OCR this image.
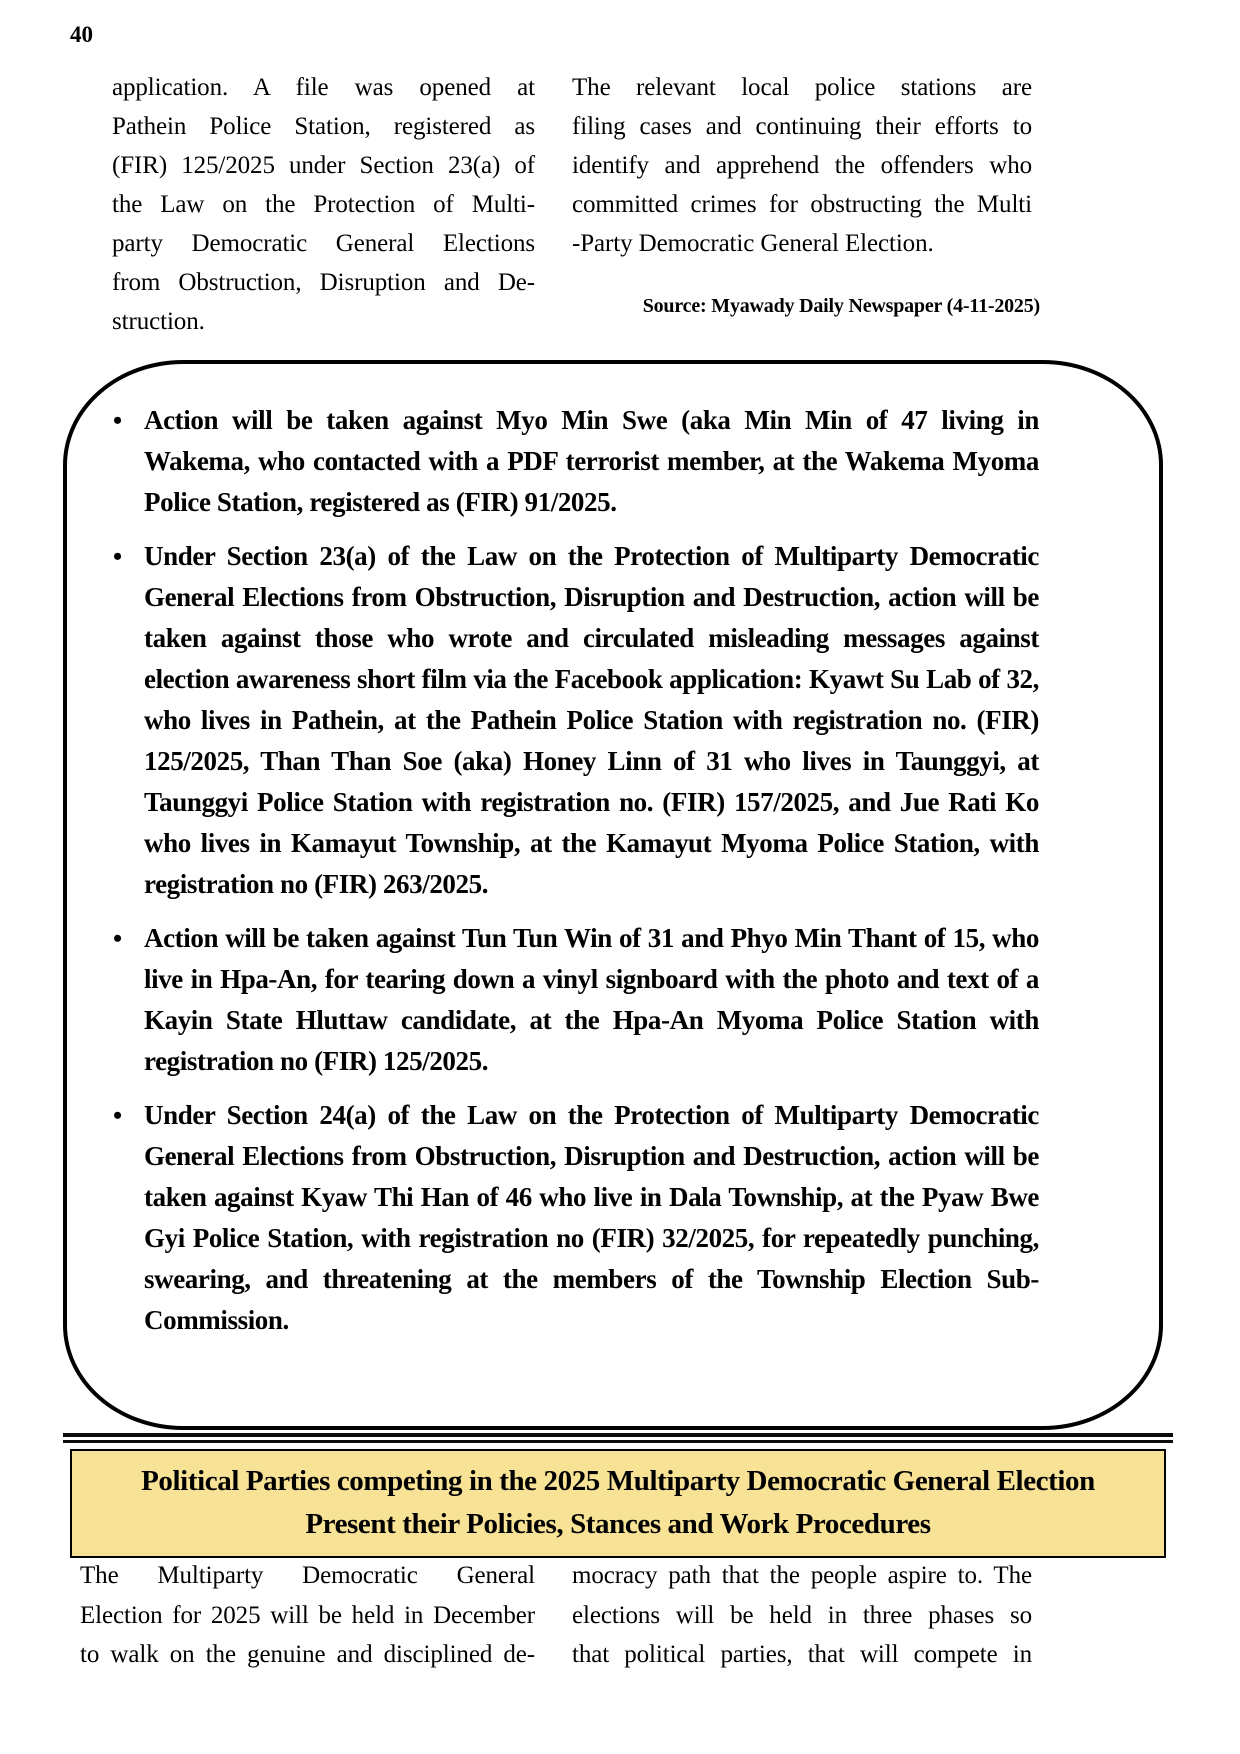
40
application. A file was opened at
Pathein Police Station, registered as
(FIR) 125/2025 under Section 23(a) of
the Law on the Protection of Multi-
party Democratic General Elections
from Obstruction, Disruption and De-
struction.
The relevant local police stations are
filing cases and continuing their efforts to
identify and apprehend the offenders who
committed crimes for obstructing the Multi
-Party Democratic General Election.
Source: Myawady Daily Newspaper (4-11-2025)
• Action will be taken against Myo Min Swe (aka Min Min of 47 living in Wakema, who contacted with a PDF terrorist member, at the Wakema Myoma Police Station, registered as (FIR) 91/2025.
• Under Section 23(a) of the Law on the Protection of Multiparty Democratic General Elections from Obstruction, Disruption and Destruction, action will be taken against those who wrote and circulated misleading messages against election awareness short film via the Facebook application: Kyawt Su Lab of 32, who lives in Pathein, at the Pathein Police Station with registration no. (FIR) 125/2025, Than Than Soe (aka) Honey Linn of 31 who lives in Taunggyi, at Taunggyi Police Station with registration no. (FIR) 157/2025, and Jue Rati Ko who lives in Kamayut Township, at the Kamayut Myoma Police Station, with registration no (FIR) 263/2025.
• Action will be taken against Tun Tun Win of 31 and Phyo Min Thant of 15, who live in Hpa-An, for tearing down a vinyl signboard with the photo and text of a Kayin State Hluttaw candidate, at the Hpa-An Myoma Police Station with registration no (FIR) 125/2025.
• Under Section 24(a) of the Law on the Protection of Multiparty Democratic General Elections from Obstruction, Disruption and Destruction, action will be taken against Kyaw Thi Han of 46 who live in Dala Township, at the Pyaw Bwe Gyi Police Station, with registration no (FIR) 32/2025, for repeatedly punching, swearing, and threatening at the members of the Township Election Sub-Commission.
Political Parties competing in the 2025 Multiparty Democratic General Election
Present their Policies, Stances and Work Procedures
The Multiparty Democratic General
Election for 2025 will be held in December
to walk on the genuine and disciplined de-
mocracy path that the people aspire to. The
elections will be held in three phases so
that political parties, that will compete in
